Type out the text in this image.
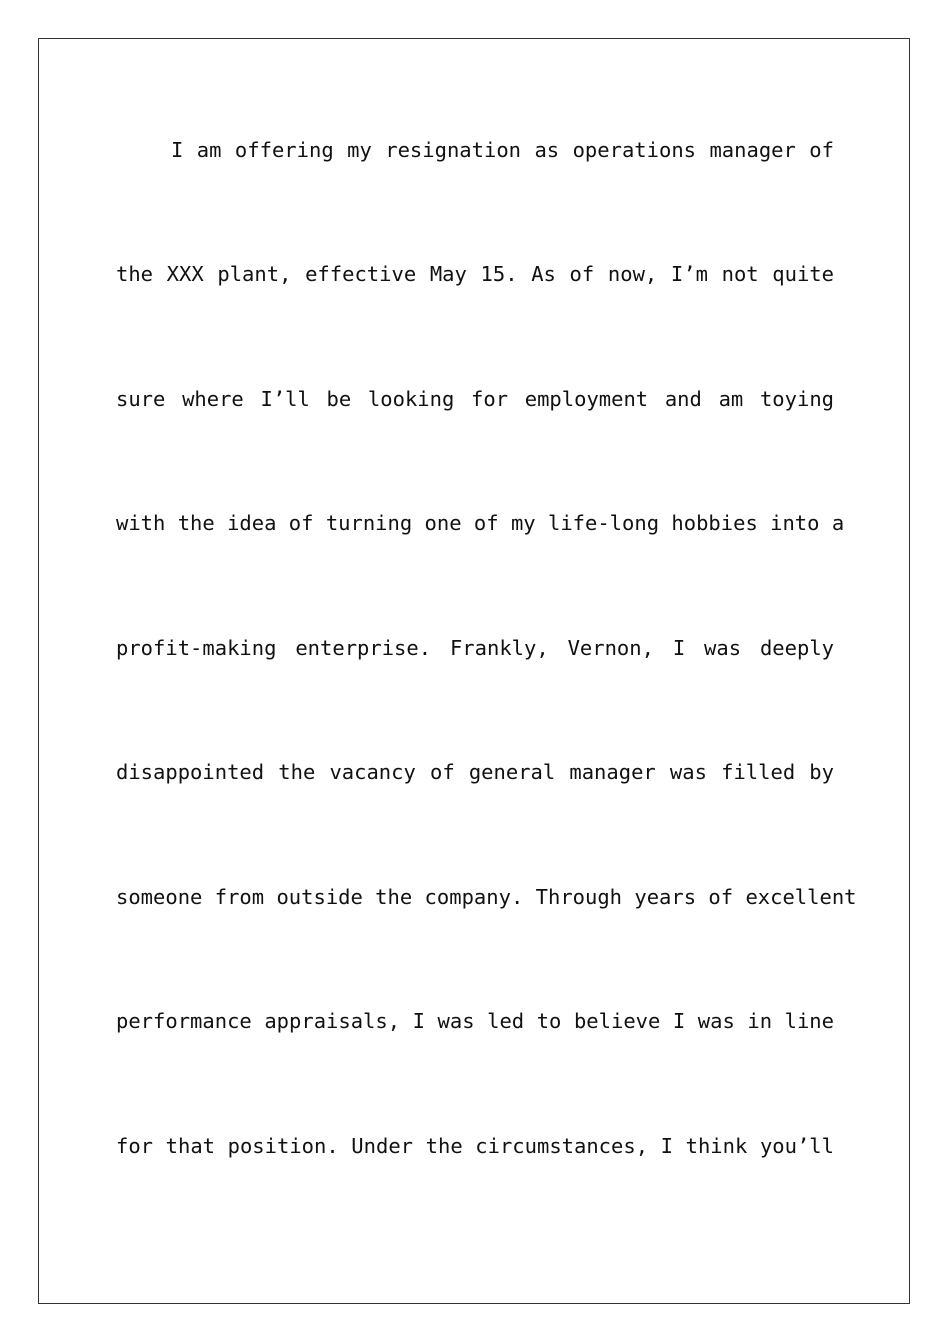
I am offering my resignation as operations manager of
the XXX plant, effective May 15. As of now, I’m not quite
sure where I’ll be looking for employment and am toying
with the idea of turning one of my life-long hobbies into a
profit-making enterprise. Frankly, Vernon, I was deeply
disappointed the vacancy of general manager was filled by
someone from outside the company. Through years of excellent
performance appraisals, I was led to believe I was in line
for that position. Under the circumstances, I think you’ll
